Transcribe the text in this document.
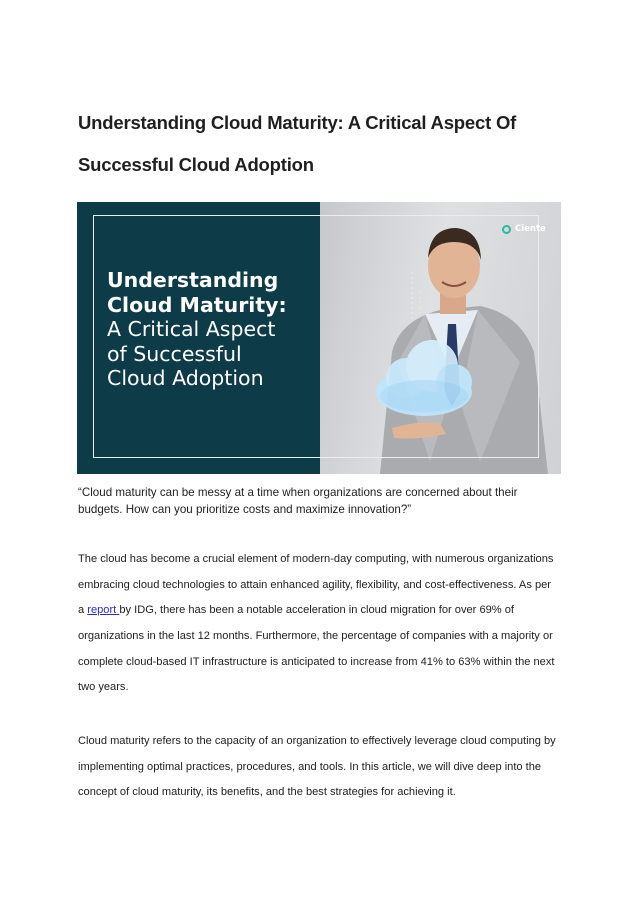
Understanding Cloud Maturity: A Critical Aspect Of
Successful Cloud Adoption
Ciente
Understanding
Cloud Maturity:
A Critical Aspect
of Successful
Cloud Adoption
“Cloud maturity can be messy at a time when organizations are concerned about their budgets. How can you prioritize costs and maximize innovation?”
The cloud has become a crucial element of modern-day computing, with numerous organizations
embracing cloud technologies to attain enhanced agility, flexibility, and cost-effectiveness. As per
a report by IDG, there has been a notable acceleration in cloud migration for over 69% of
organizations in the last 12 months. Furthermore, the percentage of companies with a majority or
complete cloud-based IT infrastructure is anticipated to increase from 41% to 63% within the next
two years.
Cloud maturity refers to the capacity of an organization to effectively leverage cloud computing by
implementing optimal practices, procedures, and tools. In this article, we will dive deep into the
concept of cloud maturity, its benefits, and the best strategies for achieving it.
